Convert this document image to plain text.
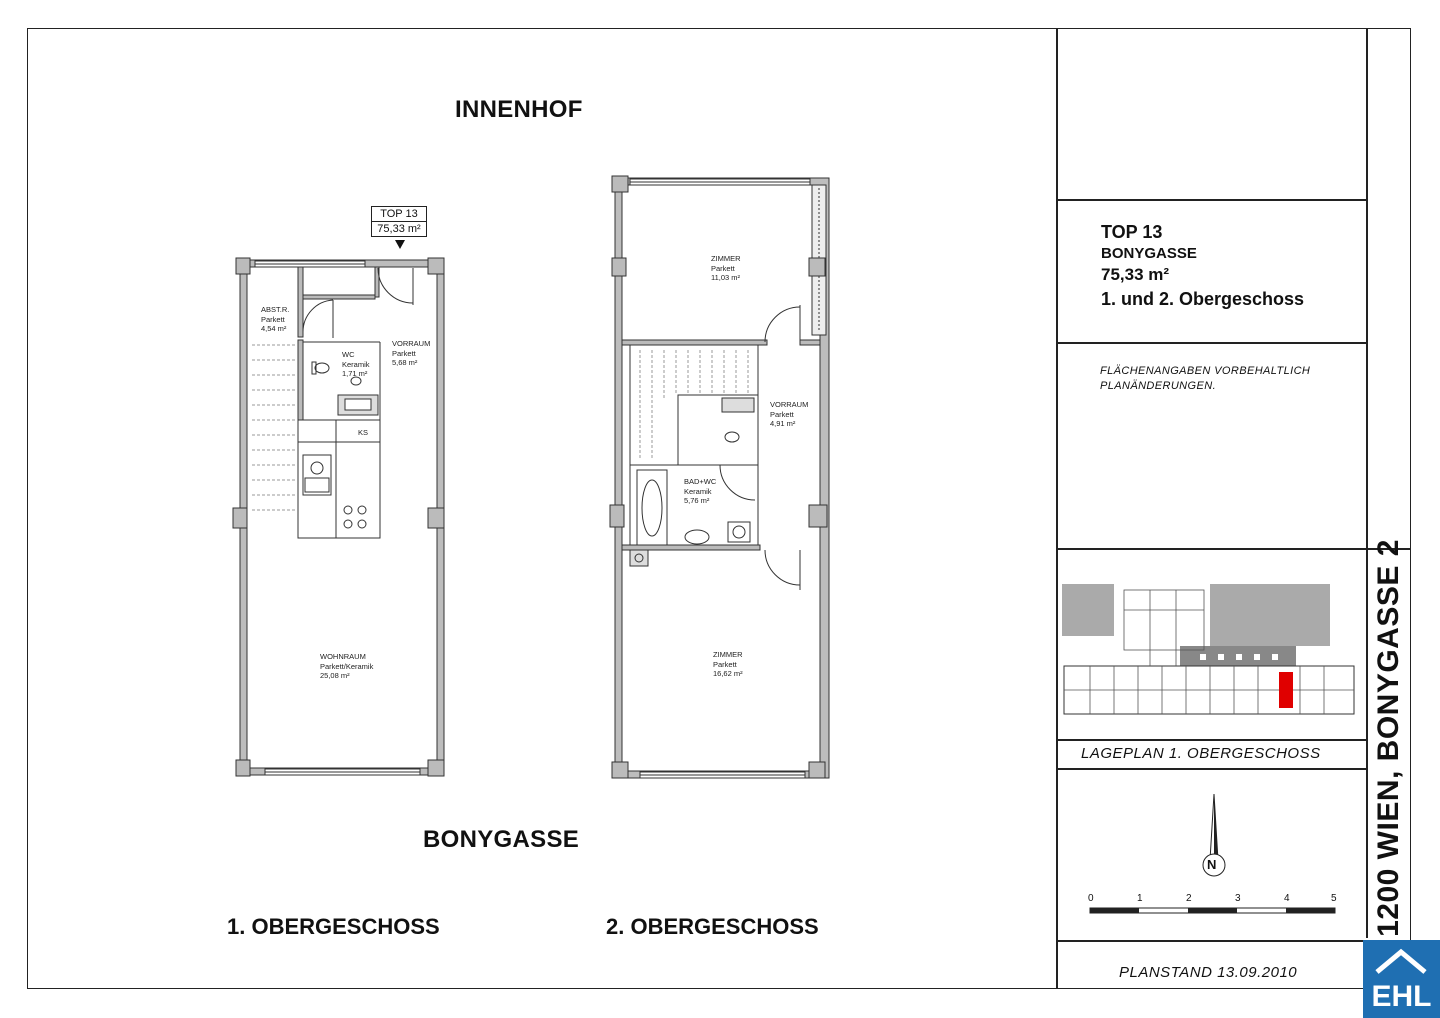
INNENHOF
BONYGASSE
1. OBERGESCHOSS	2. OBERGESCHOSS
TOP 13
75,33 m²
ABST.R.
Parkett
4,54 m²
WC
Keramik
1,71 m²
VORRAUM
Parkett
5,68 m²
KS
WOHNRAUM
Parkett/Keramik
25,08 m²
ZIMMER
Parkett
11,03 m²
VORRAUM
Parkett
4,91 m²
BAD+WC
Keramik
5,76 m²
ZIMMER
Parkett
16,62 m²
TOP 13
BONYGASSE
75,33 m²
1. und 2. Obergeschoss
FLÄCHENANGABEN VORBEHALTLICH
PLANÄNDERUNGEN.
LAGEPLAN 1. OBERGESCHOSS
N
0	1	2	3	4	5
PLANSTAND 13.09.2010
1200 WIEN, BONYGASSE 2
EHL
